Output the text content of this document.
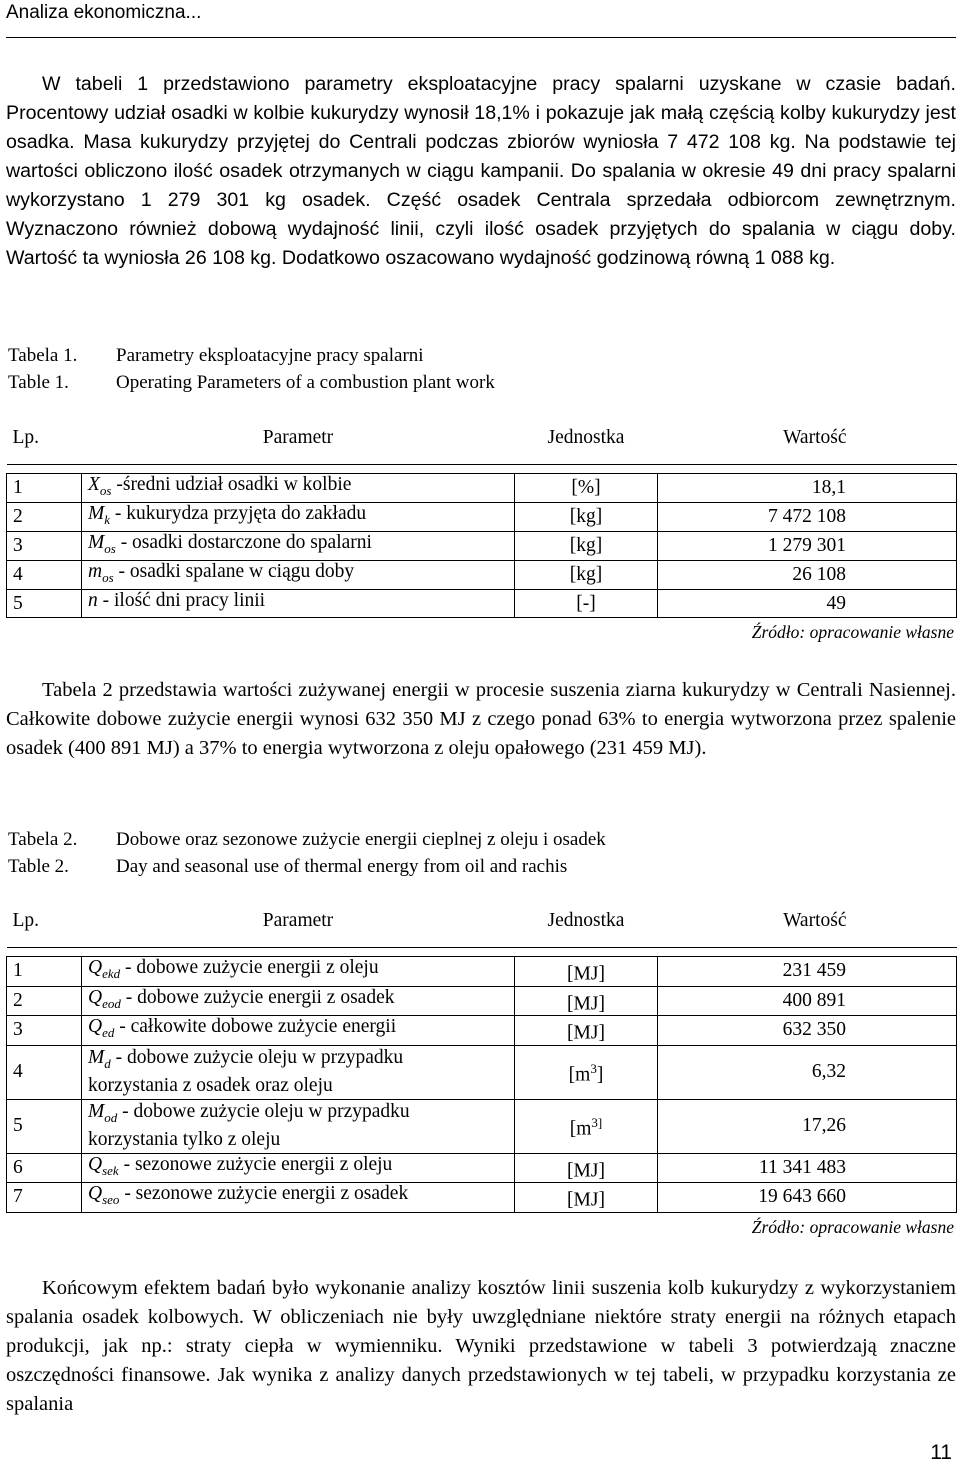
Analiza ekonomiczna...
W tabeli 1 przedstawiono parametry eksploatacyjne pracy spalarni uzyskane w czasie badań. Procentowy udział osadki w kolbie kukurydzy wynosił 18,1% i pokazuje jak małą częścią kolby kukurydzy jest osadka. Masa kukurydzy przyjętej do Centrali podczas zbiorów wyniosła 7 472 108 kg. Na podstawie tej wartości obliczono ilość osadek otrzymanych w ciągu kampanii. Do spalania w okresie 49 dni pracy spalarni wykorzystano 1 279 301 kg osadek. Część osadek Centrala sprzedała odbiorcom zewnętrznym. Wyznaczono również dobową wydajność linii, czyli ilość osadek przyjętych do spalania w ciągu doby. Wartość ta wyniosła 26 108 kg. Dodatkowo oszacowano wydajność godzinową równą 1 088 kg.
Tabela 1. Parametry eksploatacyjne pracy spalarni
Table 1. Operating Parameters of a combustion plant work
Lp.	Parametr	Jednostka	Wartość

1	$X_{os}$ -średni udział osadki w kolbie	[%]	18,1
2	$M_k$ - kukurydza przyjęta do zakładu	[kg]	7 472 108
3	$M_{os}$ - osadki dostarczone do spalarni	[kg]	1 279 301
4	$m_{os}$ - osadki spalane w ciągu doby	[kg]	26 108
5	n - ilość dni pracy linii	[-]	49
Źródło: opracowanie własne
Tabela 2 przedstawia wartości zużywanej energii w procesie suszenia ziarna kukurydzy w Centrali Nasiennej. Całkowite dobowe zużycie energii wynosi 632 350 MJ z czego ponad 63% to energia wytworzona przez spalenie osadek (400 891 MJ) a 37% to energia wytworzona z oleju opałowego (231 459 MJ).
Tabela 2. Dobowe oraz sezonowe zużycie energii cieplnej z oleju i osadek
Table 2. Day and seasonal use of thermal energy from oil and rachis
Lp.	Parametr	Jednostka	Wartość

1	$Q_{ekd}$ - dobowe zużycie energii z oleju	[MJ]	231 459
2	$Q_{eod}$ - dobowe zużycie energii z osadek	[MJ]	400 891
3	$Q_{ed}$ - całkowite dobowe zużycie energii	[MJ]	632 350
4	$M_d$ - dobowe zużycie oleju w przypadku
korzystania z osadek oraz oleju	$[m^3]$	6,32
5	$M_{od}$ - dobowe zużycie oleju w przypadku
korzystania tylko z oleju	[$m^{3]}$	17,26
6	$Q_{sek}$ - sezonowe zużycie energii z oleju	[MJ]	11 341 483
7	$Q_{seo}$ - sezonowe zużycie energii z osadek	[MJ]	19 643 660
Źródło: opracowanie własne
Końcowym efektem badań było wykonanie analizy kosztów linii suszenia kolb kukurydzy z wykorzystaniem spalania osadek kolbowych. W obliczeniach nie były uwzględniane niektóre straty energii na różnych etapach produkcji, jak np.: straty ciepła w wymienniku. Wyniki przedstawione w tabeli 3 potwierdzają znaczne oszczędności finansowe. Jak wynika z analizy danych przedstawionych w tej tabeli, w przypadku korzystania ze spalania
11
